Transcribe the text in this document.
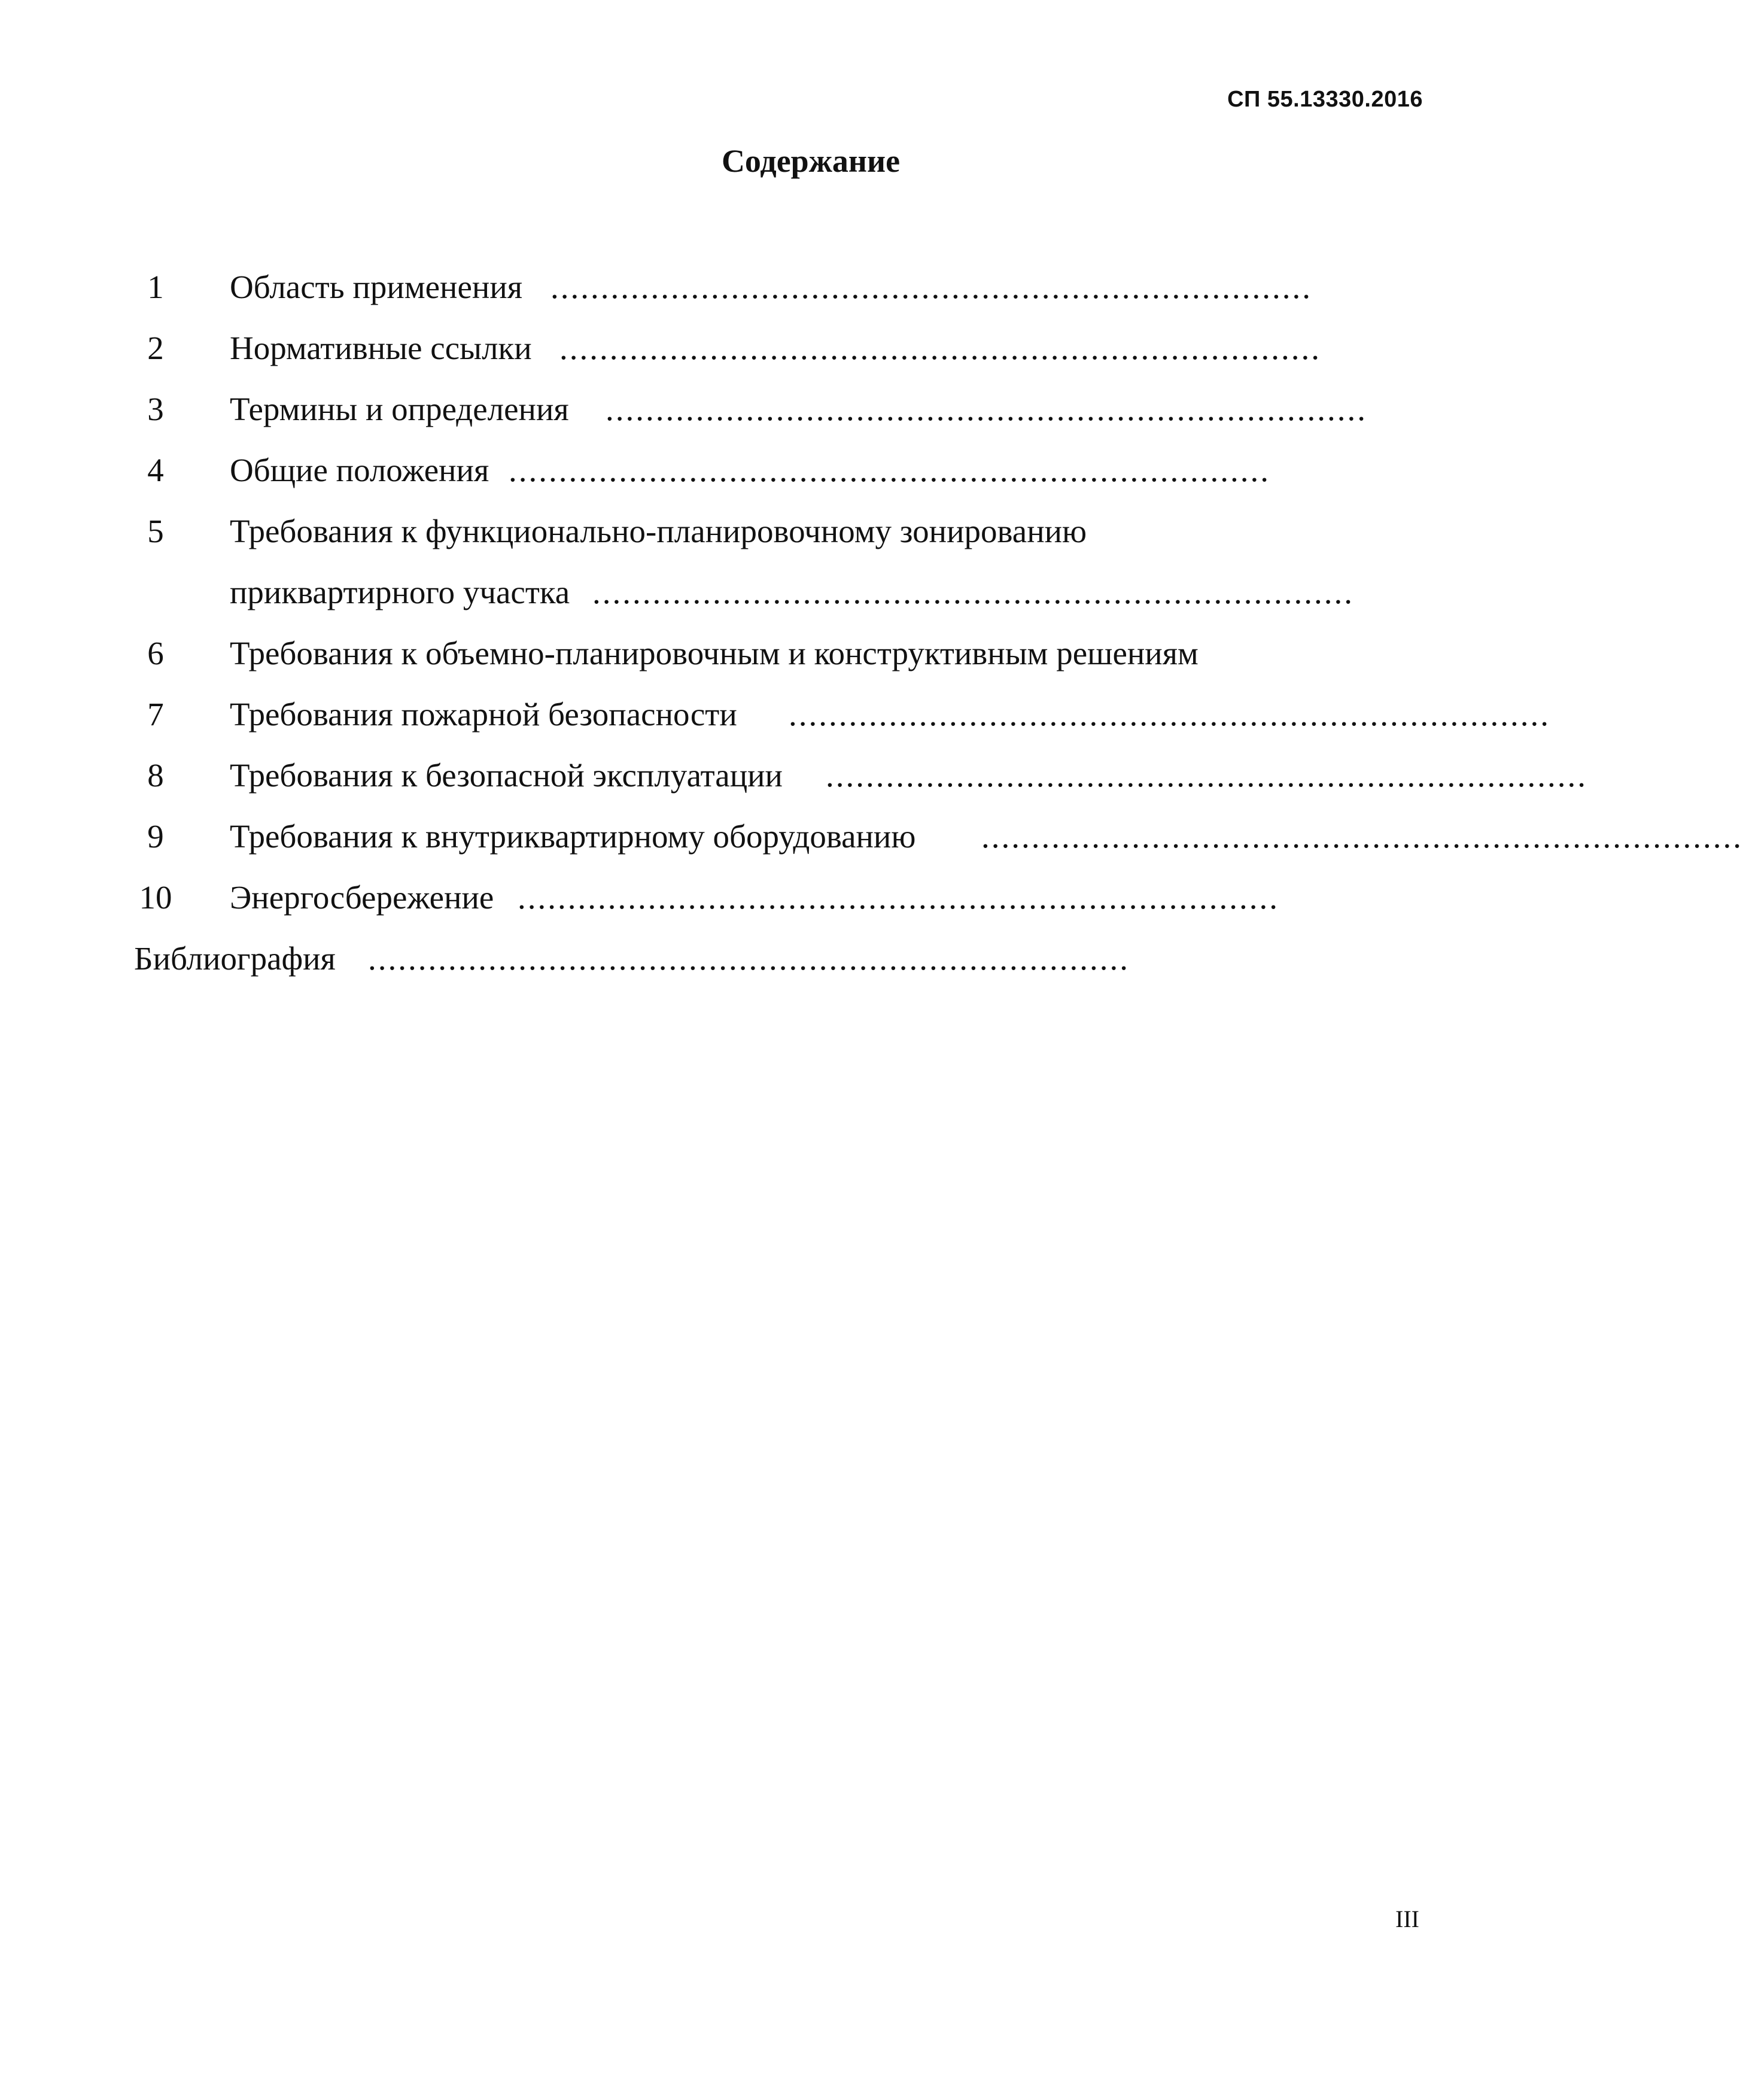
СП 55.13330.2016
Содержание
1	Область применения ............................................................................
2	Нормативные ссылки ............................................................................
3	Термины и определения ............................................................................
4	Общие положения ............................................................................
5	Требования к функционально-планировочному зонированию
приквартирного участка ............................................................................
6	Требования к объемно-планировочным и конструктивным решениям
7	Требования пожарной безопасности ............................................................................
8	Требования к безопасной эксплуатации ............................................................................
9	Требования к внутриквартирному оборудованию ............................................................................
10 Энергосбережение ............................................................................
Библиография ............................................................................
III
